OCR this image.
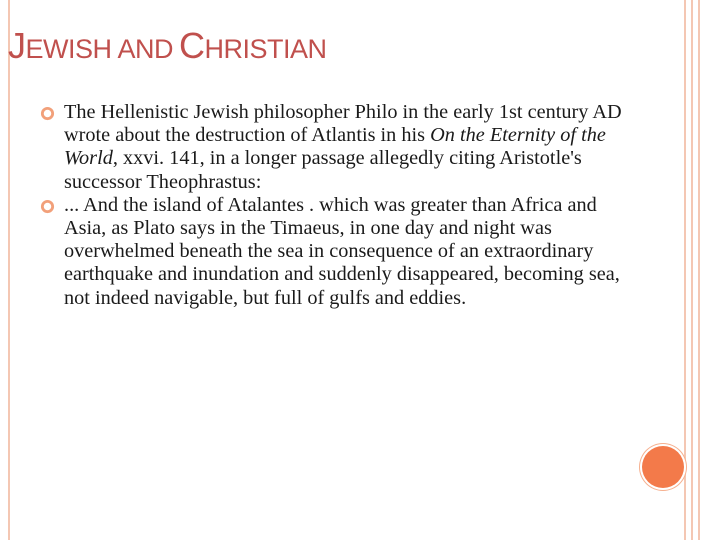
JEWISH AND CHRISTIAN
The Hellenistic Jewish philosopher Philo in the early 1st century AD wrote about the destruction of Atlantis in his On the Eternity of the World, xxvi. 141, in a longer passage allegedly citing Aristotle's successor Theophrastus:
... And the island of Atalantes . which was greater than Africa and Asia, as Plato says in the Timaeus, in one day and night was overwhelmed beneath the sea in consequence of an extraordinary earthquake and inundation and suddenly disappeared, becoming sea, not indeed navigable, but full of gulfs and eddies.
